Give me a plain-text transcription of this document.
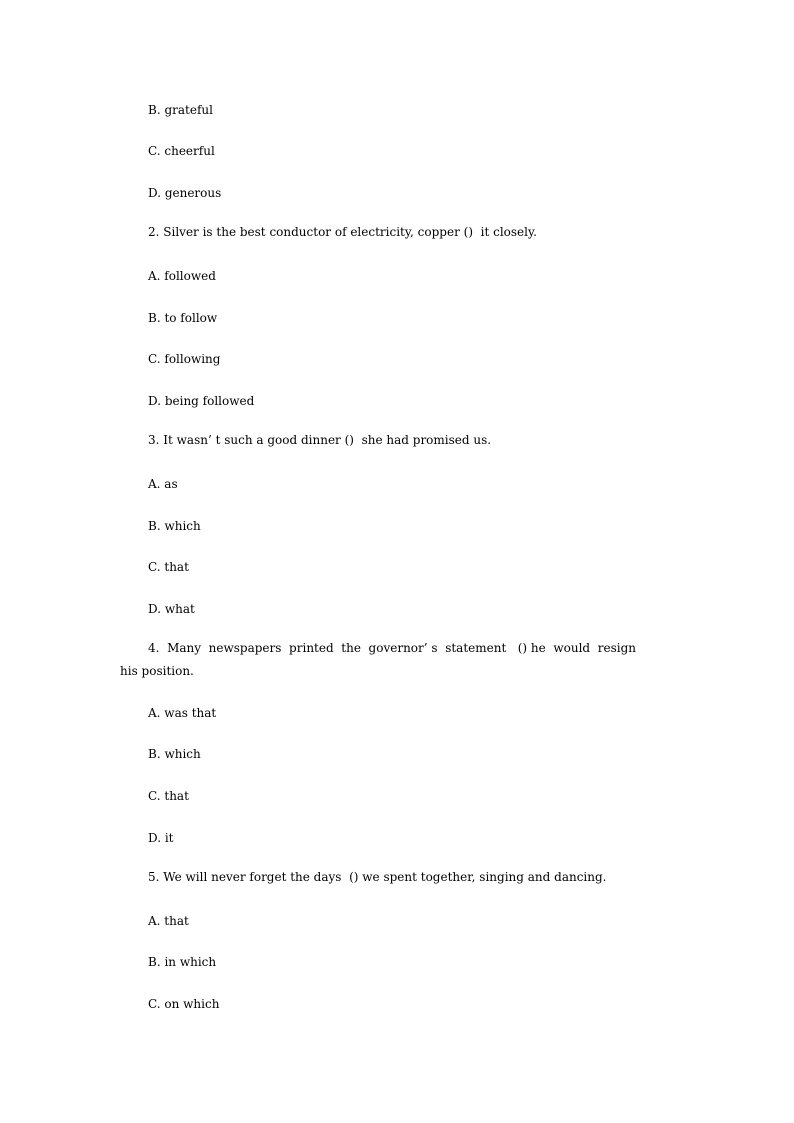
B. grateful
C. cheerful
D. generous
2. Silver is the best conductor of electricity, copper ()  it closely.
A. followed
B. to follow
C. following
D. being followed
3. It wasn’ t such a good dinner ()  she had promised us.
A. as
B. which
C. that
D. what
4.  Many  newspapers  printed  the  governor’ s  statement   () he  would  resign
his position.
A. was that
B. which
C. that
D. it
5. We will never forget the days  () we spent together, singing and dancing.
A. that
B. in which
C. on which
